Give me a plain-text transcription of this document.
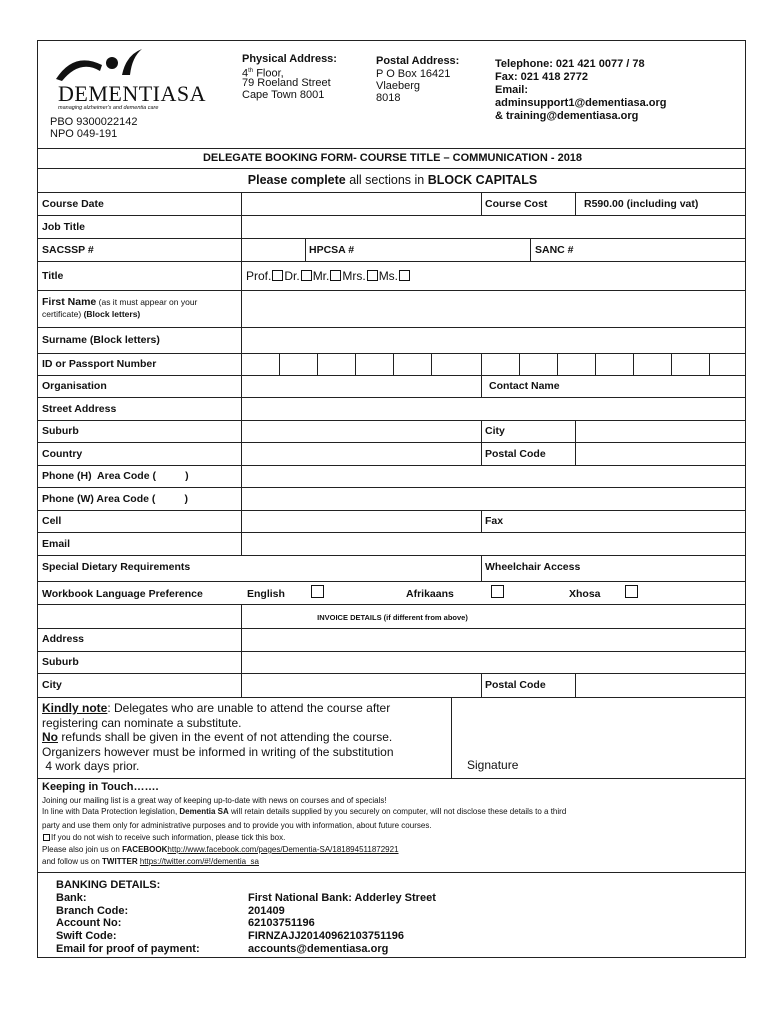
DEMENTIASA
managing alzheimer's and dementia care
PBO 9300022142
NPO 049-191
Physical Address:
4th Floor,
79 Roeland Street
Cape Town 8001
Postal Address:
P O Box 16421
Vlaeberg
8018
Telephone: 021 421 0077 / 78
Fax: 021 418 2772
Email:
adminsupport1@dementiasa.org
& training@dementiasa.org
DELEGATE BOOKING FORM- COURSE TITLE – COMMUNICATION - 2018
Please complete all sections in BLOCK CAPITALS
Course Date	Course Cost	R590.00 (including vat)
Job Title
SACSSP #	HPCSA #	SANC #
Title	Prof. Dr. Mr. Mrs. Ms.
First Name (as it must appear on your
certificate) (Block letters)
Surname (Block letters)
ID or Passport Number
Organisation	Contact Name
Street Address
Suburb	City
Country	Postal Code
Phone (H)  Area Code (          )
Phone (W) Area Code (          )
Cell	Fax
Email
Special Dietary Requirements	Wheelchair Access
Workbook Language Preference	English	Afrikaans	Xhosa
INVOICE DETAILS (if different from above)
Address
Suburb
City	Postal Code
Kindly note: Delegates who are unable to attend the course after
registering can nominate a substitute.
No refunds shall be given in the event of not attending the course.
Organizers however must be informed in writing of the substitution
4 work days prior.	Signature
Keeping in Touch…….
Joining our mailing list is a great way of keeping up-to-date with news on courses and of specials!
In line with Data Protection legislation, Dementia SA will retain details supplied by you securely on computer, will not disclose these details to a third
party and use them only for administrative purposes and to provide you with information, about future courses.
If you do not wish to receive such information, please tick this box.
Please also join us on FACEBOOKhttp://www.facebook.com/pages/Dementia-SA/181894511872921
and follow us on TWITTER https://twitter.com/#!/dementia_sa
BANKING DETAILS:
Bank:	First National Bank: Adderley Street
Branch Code:	201409
Account No:	62103751196
Swift Code:	FIRNZAJJ20140962103751196
Email for proof of payment:	accounts@dementiasa.org
